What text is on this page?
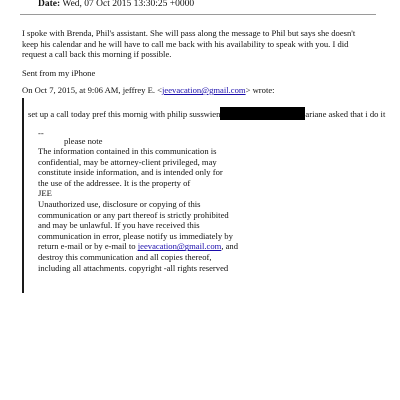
Date: Wed, 07 Oct 2015 13:30:25 +0000
I spoke with Brenda, Phil's assistant. She will pass along the message to Phil but says she doesn't keep his calendar and he will have to call me back with his availability to speak with you. I did request a call back this morning if possible.
Sent from my iPhone
On Oct 7, 2015, at 9:06 AM, jeffrey E. <jeevacation@gmail.com> wrote:
set up a call today pref this mornig with philip susswien	ariane asked that i do it
--
please note
The information contained in this communication is
confidential, may be attorney-client privileged, may
constitute inside information, and is intended only for
the use of the addressee. It is the property of
JEE
Unauthorized use, disclosure or copying of this
communication or any part thereof is strictly prohibited
and may be unlawful. If you have received this
communication in error, please notify us immediately by
return e-mail or by e-mail to jeevacation@gmail.com, and
destroy this communication and all copies thereof,
including all attachments. copyright -all rights reserved
